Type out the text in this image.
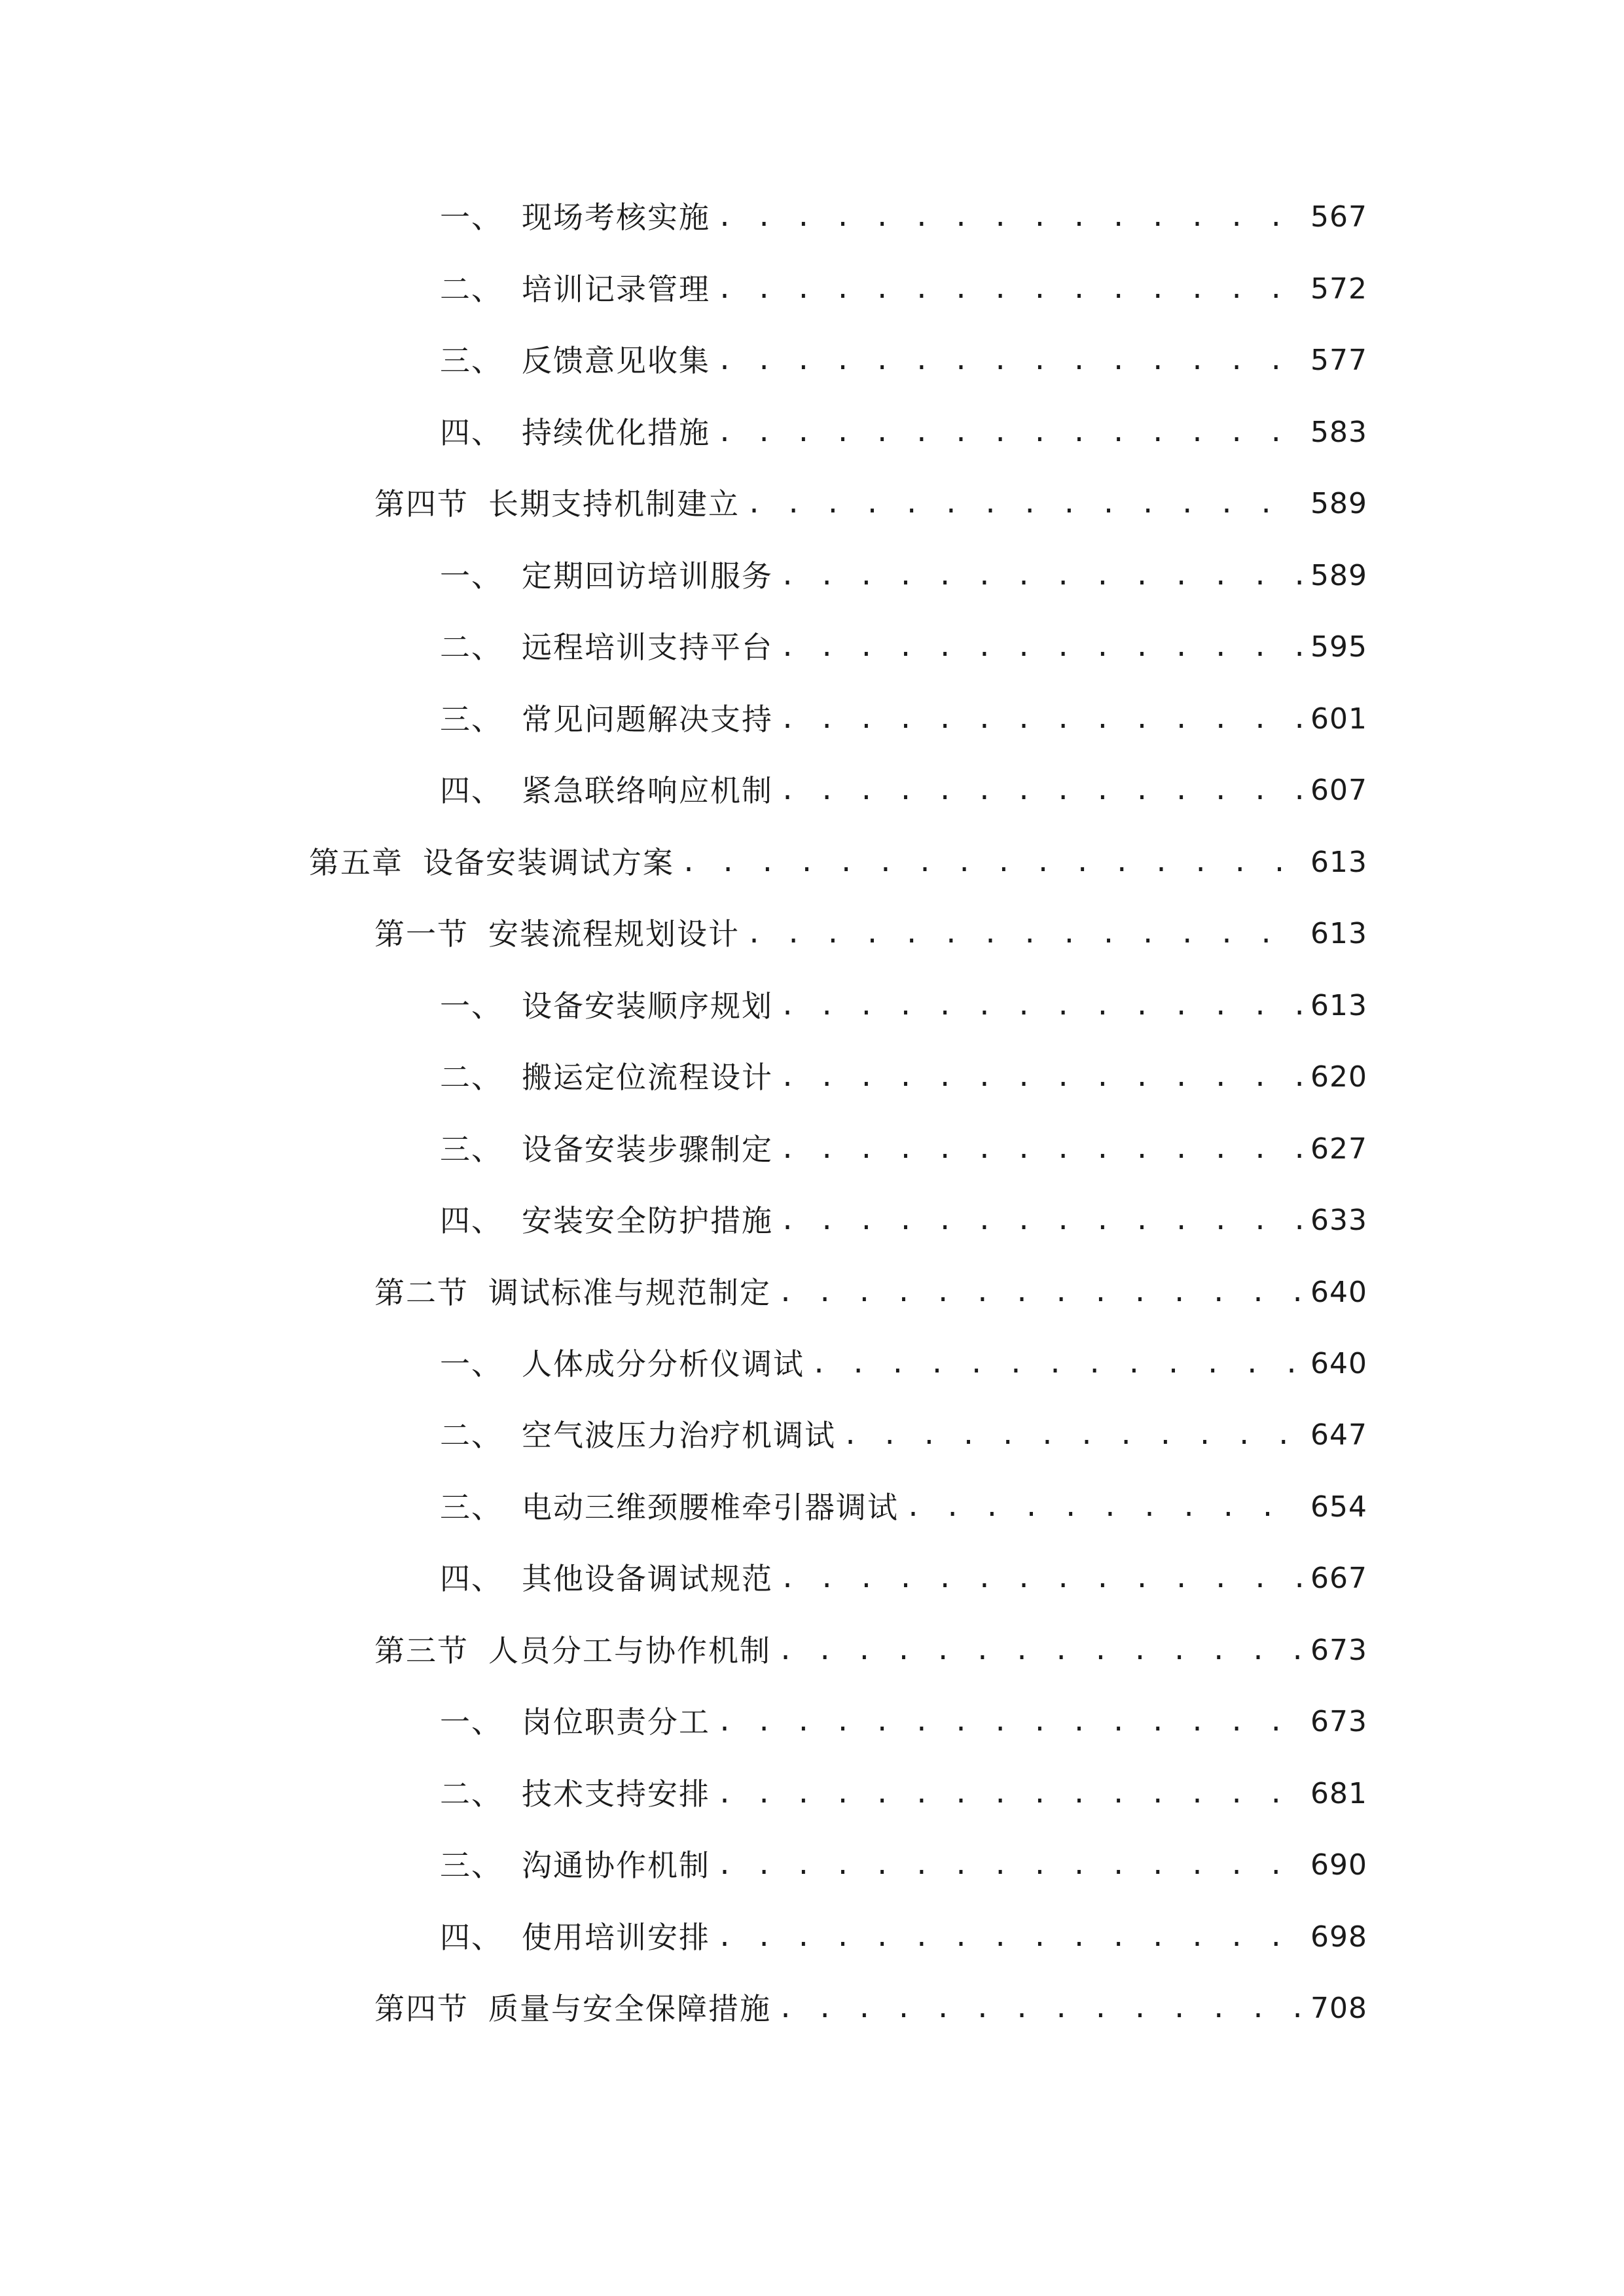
一、 现场考核实施 . . .	567
二、 培训记录管理 . . .	572
三、 反馈意见收集 . . .	577
四、 持续优化措施 . . .	583
第四节 长期支持机制建立 . . .	589
一、 定期回访培训服务 . . .	589
二、 远程培训支持平台 . . .	595
三、 常见问题解决支持 . . .	601
四、 紧急联络响应机制 . . .	607
第五章 设备安装调试方案 . . .	613
第一节 安装流程规划设计 . . .	613
一、 设备安装顺序规划 . . .	613
二、 搬运定位流程设计 . . .	620
三、 设备安装步骤制定 . . .	627
四、 安装安全防护措施 . . .	633
第二节 调试标准与规范制定 . . .	640
一、 人体成分分析仪调试 . . .	640
二、 空气波压力治疗机调试 . . .	647
三、 电动三维颈腰椎牵引器调试 . . .	654
四、 其他设备调试规范 . . .	667
第三节 人员分工与协作机制 . . .	673
一、 岗位职责分工 . . .	673
二、 技术支持安排 . . .	681
三、 沟通协作机制 . . .	690
四、 使用培训安排 . . .	698
第四节 质量与安全保障措施 . . .	708
